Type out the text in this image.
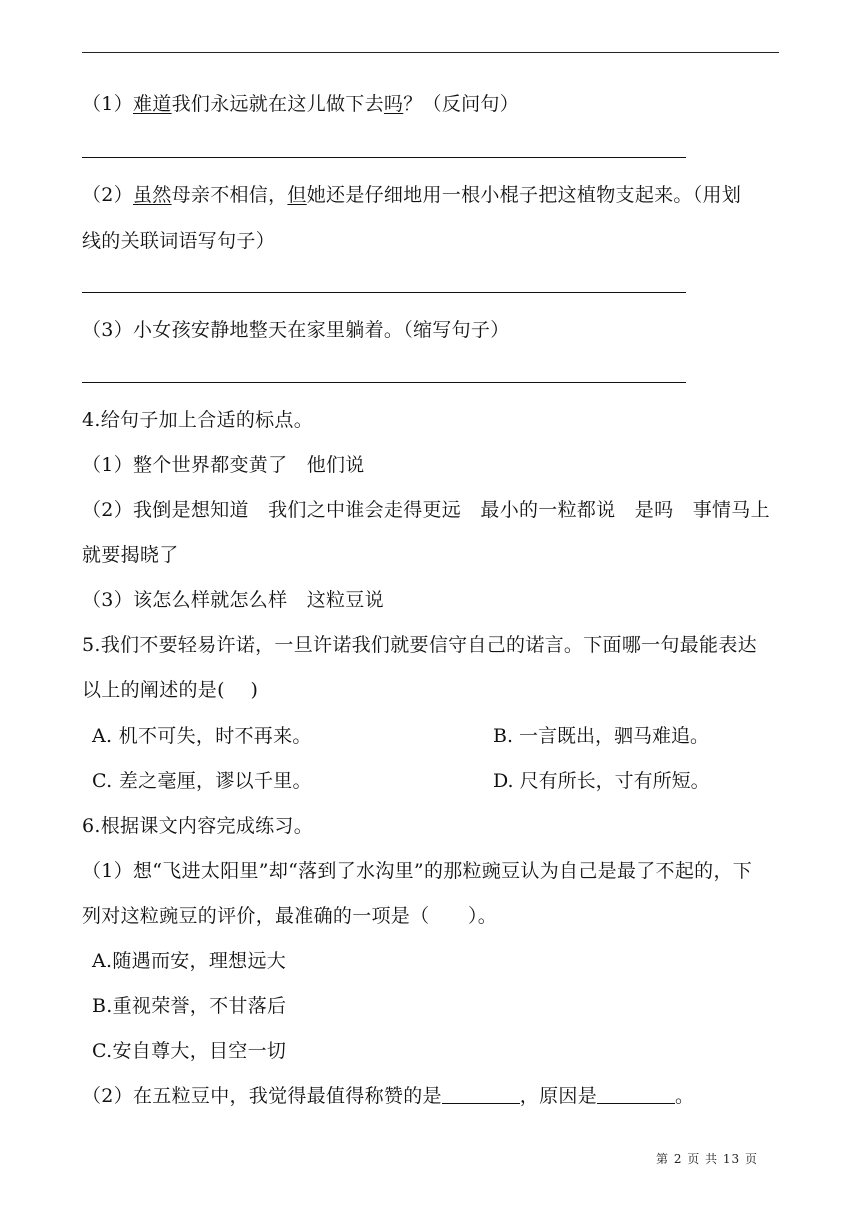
（1）难道我们永远就在这儿做下去吗？（反问句）
（2）虽然母亲不相信，但她还是仔细地用一根小棍子把这植物支起来。（用划
线的关联词语写句子）
（3）小女孩安静地整天在家里躺着。（缩写句子）
4.给句子加上合适的标点。
（1）整个世界都变黄了　他们说
（2）我倒是想知道　我们之中谁会走得更远　最小的一粒都说　是吗　事情马上
就要揭晓了
（3）该怎么样就怎么样　这粒豆说
5.我们不要轻易许诺，一旦许诺我们就要信守自己的诺言。下面哪一句最能表达
以上的阐述的是(　 )
A. 机不可失，时不再来。	B. 一言既出，驷马难追。
C. 差之毫厘，谬以千里。	D. 尺有所长，寸有所短。
6.根据课文内容完成练习。
（1）想“飞进太阳里”却“落到了水沟里”的那粒豌豆认为自己是最了不起的，下
列对这粒豌豆的评价，最准确的一项是（　　）。
A.随遇而安，理想远大
B.重视荣誉，不甘落后
C.安自尊大，目空一切
（2）在五粒豆中，我觉得最值得称赞的是	，原因是	。
第 2 页 共 13 页
